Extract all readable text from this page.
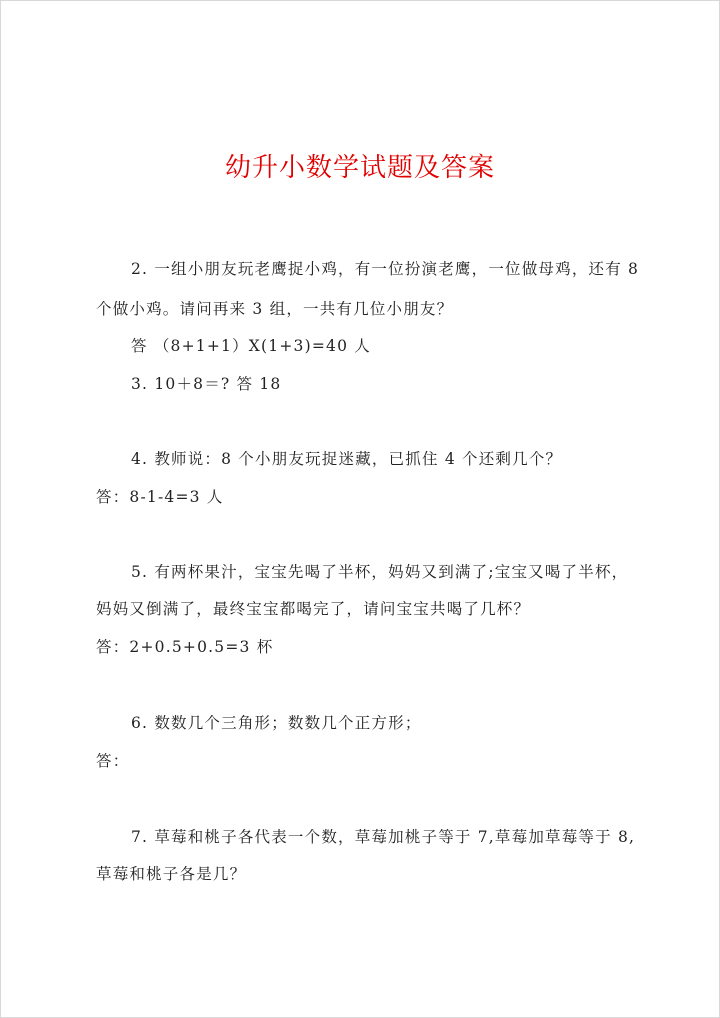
幼升小数学试题及答案
2. 一组小朋友玩老鹰捉小鸡，有一位扮演老鹰，一位做母鸡，还有 8
个做小鸡。请问再来 3 组，一共有几位小朋友？
答 （8+1+1）X(1+3)=40 人
3. 10＋8＝? 答 18
4. 教师说：8 个小朋友玩捉迷藏，已抓住 4 个还剩几个？
答：8-1-4=3 人
5. 有两杯果汁，宝宝先喝了半杯，妈妈又到满了;宝宝又喝了半杯，
妈妈又倒满了，最终宝宝都喝完了，请问宝宝共喝了几杯？
答：2+0.5+0.5=3 杯
6. 数数几个三角形；数数几个正方形；
答：
7. 草莓和桃子各代表一个数，草莓加桃子等于 7,草莓加草莓等于 8,
草莓和桃子各是几？
